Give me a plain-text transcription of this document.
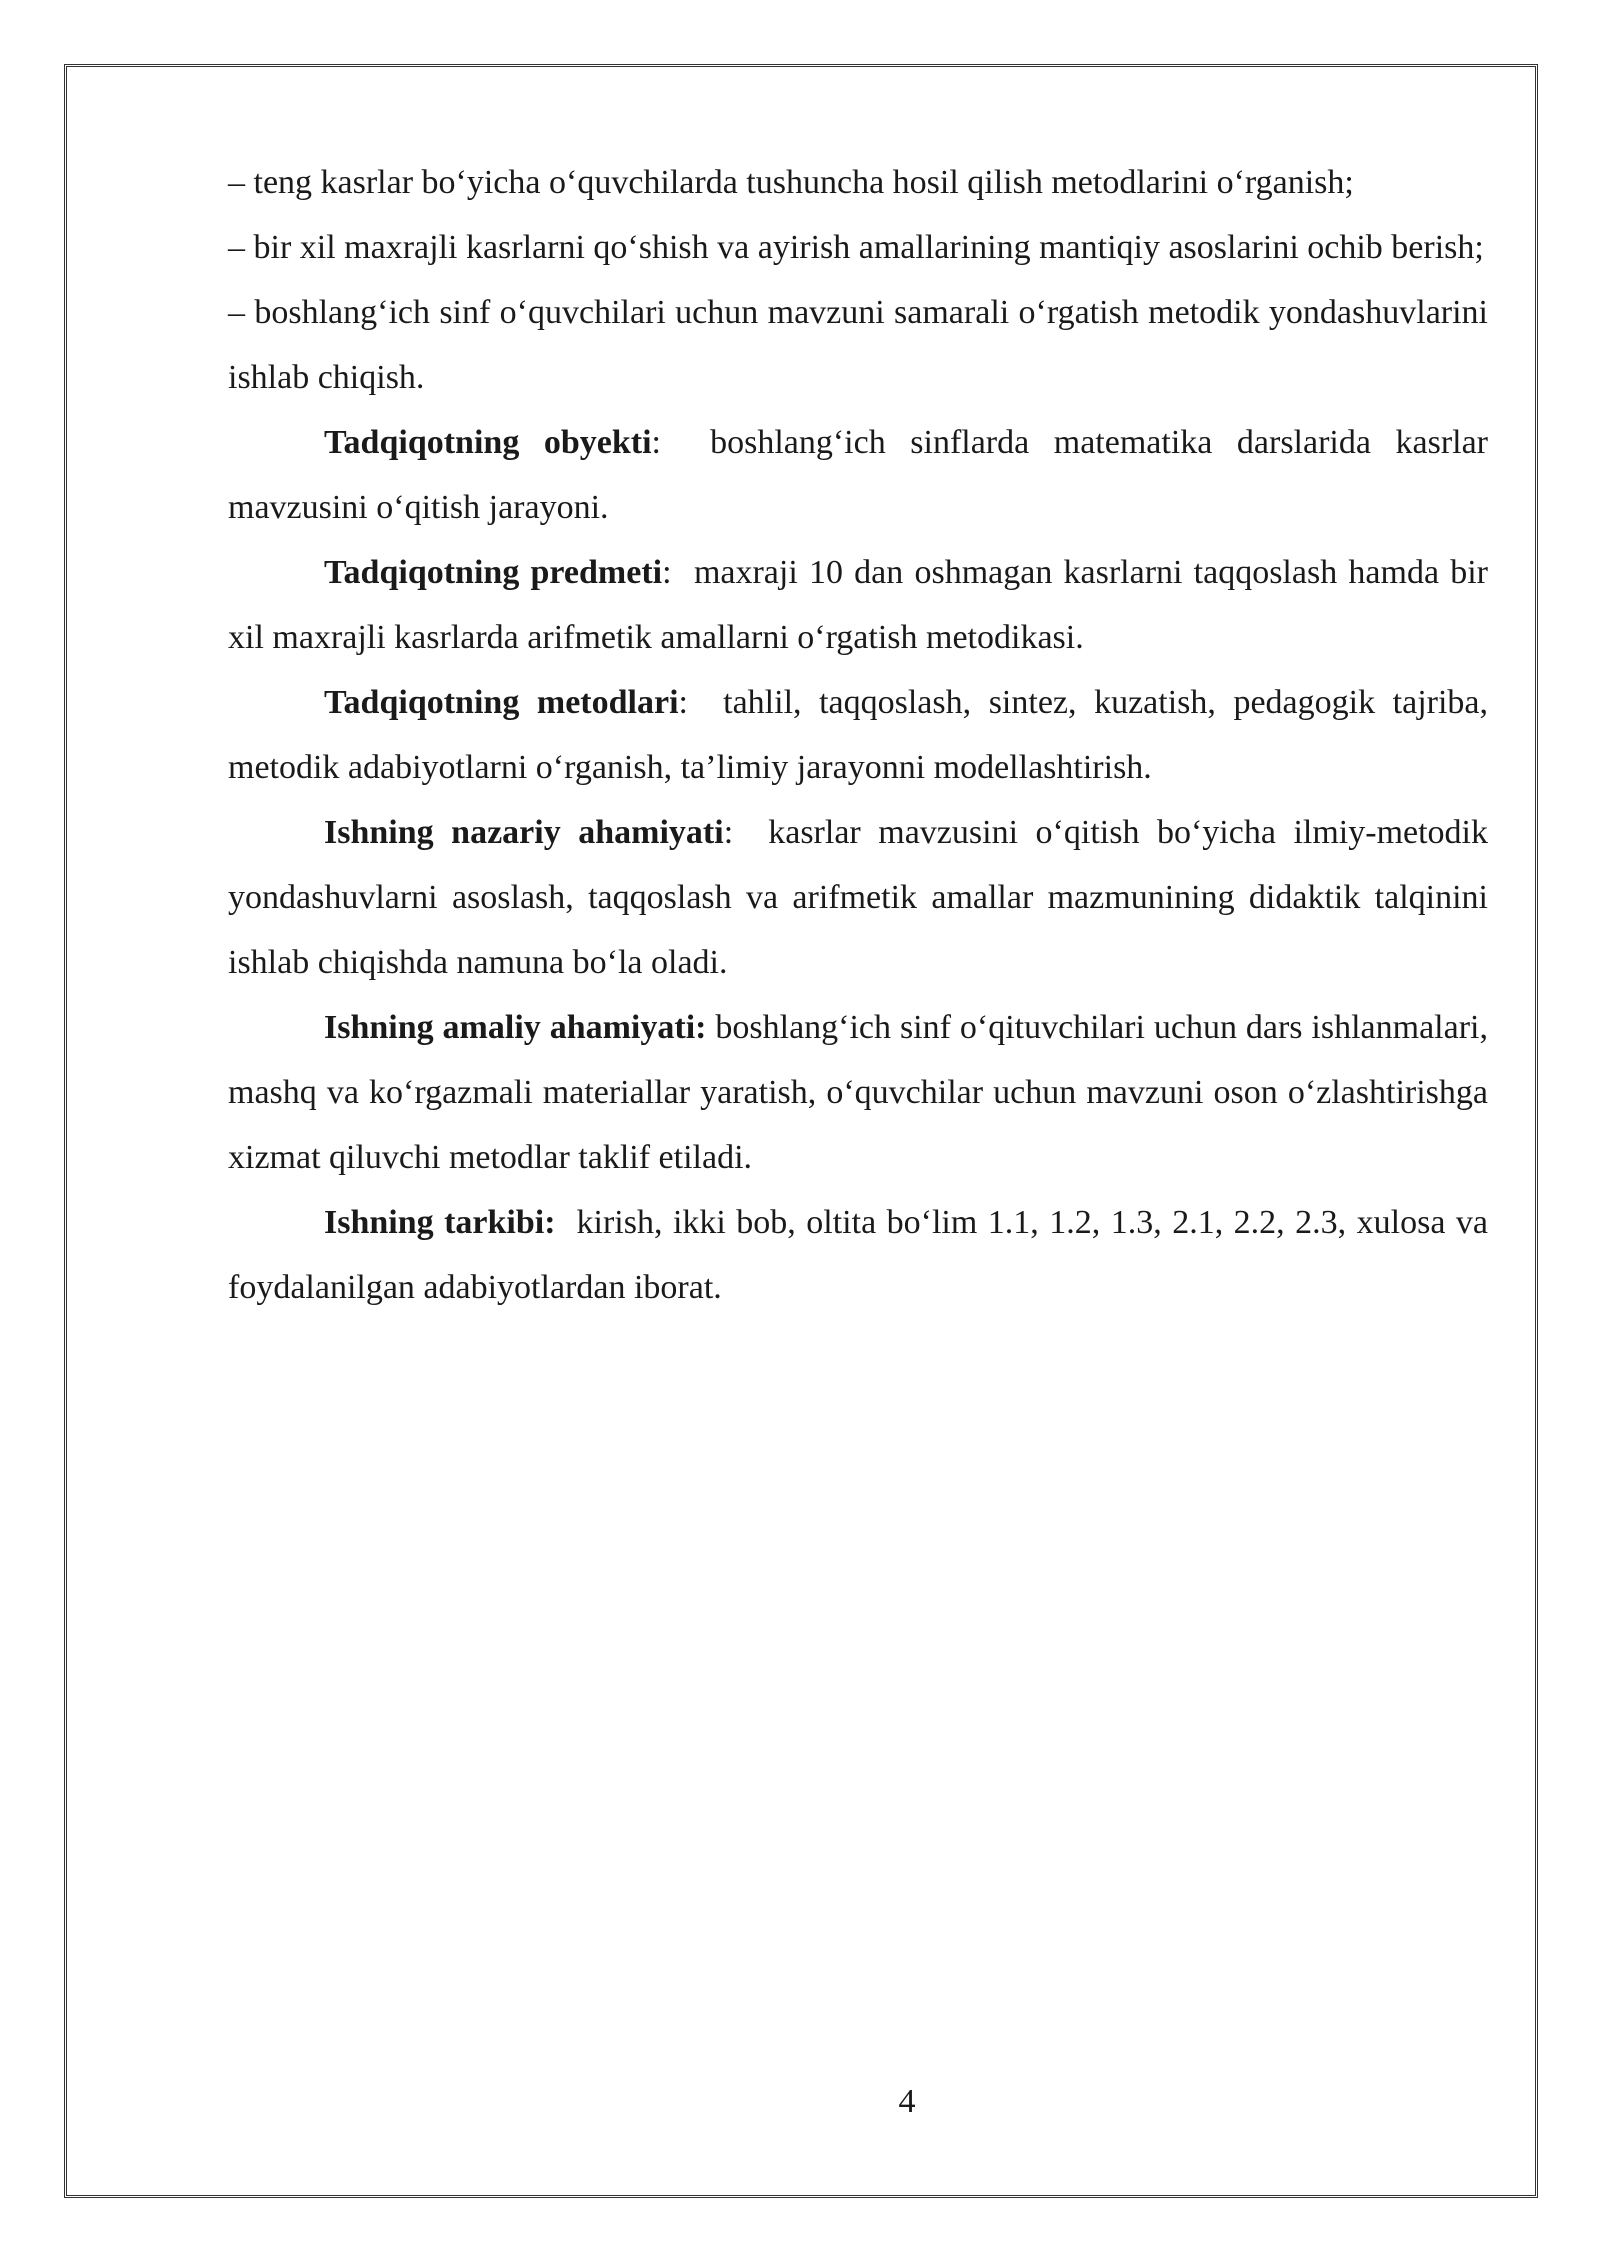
– teng kasrlar bo‘yicha o‘quvchilarda tushuncha hosil qilish metodlarini o‘rganish;

– bir xil maxrajli kasrlarni qo‘shish va ayirish amallarining mantiqiy asoslarini ochib berish;

– boshlang‘ich sinf o‘quvchilari uchun mavzuni samarali o‘rgatish metodik yondashuvlarini ishlab chiqish.

Tadqiqotning obyekti:  boshlang‘ich sinflarda matematika darslarida kasrlar mavzusini o‘qitish jarayoni.

Tadqiqotning predmeti:  maxraji 10 dan oshmagan kasrlarni taqqoslash hamda bir xil maxrajli kasrlarda arifmetik amallarni o‘rgatish metodikasi.

Tadqiqotning metodlari:  tahlil, taqqoslash, sintez, kuzatish, pedagogik tajriba, metodik adabiyotlarni o‘rganish, ta’limiy jarayonni modellashtirish.

Ishning nazariy ahamiyati:  kasrlar mavzusini o‘qitish bo‘yicha ilmiy-metodik yondashuvlarni asoslash, taqqoslash va arifmetik amallar mazmunining didaktik talqinini ishlab chiqishda namuna bo‘la oladi.

Ishning amaliy ahamiyati: boshlang‘ich sinf o‘qituvchilari uchun dars ishlanmalari, mashq va ko‘rgazmali materiallar yaratish, o‘quvchilar uchun mavzuni oson o‘zlashtirishga xizmat qiluvchi metodlar taklif etiladi.

Ishning tarkibi:  kirish, ikki bob, oltita bo‘lim 1.1, 1.2, 1.3, 2.1, 2.2, 2.3, xulosa va foydalanilgan adabiyotlardan iborat.

4
